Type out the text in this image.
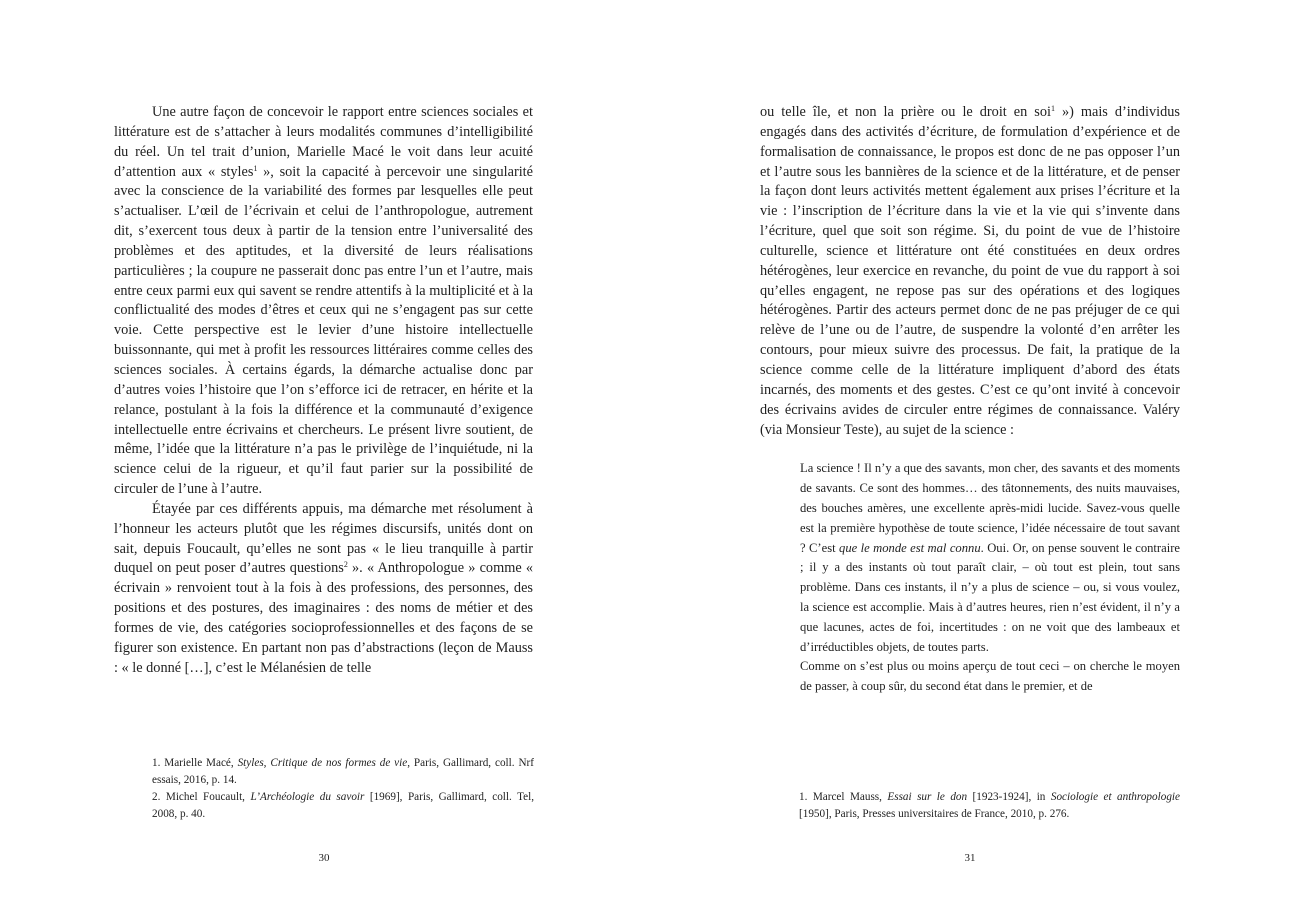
Une autre façon de concevoir le rapport entre sciences sociales et littérature est de s’attacher à leurs modalités communes d’intelligibilité du réel. Un tel trait d’union, Marielle Macé le voit dans leur acuité d’attention aux « styles$^1$ », soit la capacité à percevoir une singularité avec la conscience de la variabilité des formes par lesquelles elle peut s’actualiser. L’œil de l’écrivain et celui de l’anthropologue, autrement dit, s’exercent tous deux à partir de la tension entre l’universalité des problèmes et des aptitudes, et la diversité de leurs réalisations particulières ; la coupure ne passerait donc pas entre l’un et l’autre, mais entre ceux parmi eux qui savent se rendre attentifs à la multiplicité et à la conflictualité des modes d’êtres et ceux qui ne s’engagent pas sur cette voie. Cette perspective est le levier d’une histoire intellectuelle buissonnante, qui met à profit les ressources littéraires comme celles des sciences sociales. À certains égards, la démarche actualise donc par d’autres voies l’histoire que l’on s’efforce ici de retracer, en hérite et la relance, postulant à la fois la différence et la communauté d’exigence intellectuelle entre écrivains et chercheurs. Le présent livre soutient, de même, l’idée que la littérature n’a pas le privilège de l’inquiétude, ni la science celui de la rigueur, et qu’il faut parier sur la possibilité de circuler de l’une à l’autre.

Étayée par ces différents appuis, ma démarche met résolument à l’honneur les acteurs plutôt que les régimes discursifs, unités dont on sait, depuis Foucault, qu’elles ne sont pas « le lieu tranquille à partir duquel on peut poser d’autres questions$^2$ ». « Anthropologue » comme « écrivain » renvoient tout à la fois à des professions, des personnes, des positions et des postures, des imaginaires : des noms de métier et des formes de vie, des catégories socioprofessionnelles et des façons de se figurer son existence. En partant non pas d’abstractions (leçon de Mauss : « le donné […], c’est le Mélanésien de telle

1. Marielle Macé, Styles, Critique de nos formes de vie, Paris, Gallimard, coll. Nrf essais, 2016, p. 14.

2. Michel Foucault, L’Archéologie du savoir [1969], Paris, Gallimard, coll. Tel, 2008, p. 40.

30

ou telle île, et non la prière ou le droit en soi$^1$ ») mais d’individus engagés dans des activités d’écriture, de formulation d’expérience et de formalisation de connaissance, le propos est donc de ne pas opposer l’un et l’autre sous les bannières de la science et de la littérature, et de penser la façon dont leurs activités mettent également aux prises l’écriture et la vie : l’inscription de l’écriture dans la vie et la vie qui s’invente dans l’écriture, quel que soit son régime. Si, du point de vue de l’histoire culturelle, science et littérature ont été constituées en deux ordres hétérogènes, leur exercice en revanche, du point de vue du rapport à soi qu’elles engagent, ne repose pas sur des opérations et des logiques hétérogènes. Partir des acteurs permet donc de ne pas préjuger de ce qui relève de l’une ou de l’autre, de suspendre la volonté d’en arrêter les contours, pour mieux suivre des processus. De fait, la pratique de la science comme celle de la littérature impliquent d’abord des états incarnés, des moments et des gestes. C’est ce qu’ont invité à concevoir des écrivains avides de circuler entre régimes de connaissance. Valéry (via Monsieur Teste), au sujet de la science :

La science ! Il n’y a que des savants, mon cher, des savants et des moments de savants. Ce sont des hommes… des tâtonnements, des nuits mauvaises, des bouches amères, une excellente après-midi lucide. Savez-vous quelle est la première hypothèse de toute science, l’idée nécessaire de tout savant ? C’est que le monde est mal connu. Oui. Or, on pense souvent le contraire ; il y a des instants où tout paraît clair, – où tout est plein, tout sans problème. Dans ces instants, il n’y a plus de science – ou, si vous voulez, la science est accomplie. Mais à d’autres heures, rien n’est évident, il n’y a que lacunes, actes de foi, incertitudes : on ne voit que des lambeaux et d’irréductibles objets, de toutes parts.

Comme on s’est plus ou moins aperçu de tout ceci – on cherche le moyen de passer, à coup sûr, du second état dans le premier, et de

1. Marcel Mauss, Essai sur le don [1923-1924], in Sociologie et anthropologie [1950], Paris, Presses universitaires de France, 2010, p. 276.

31
